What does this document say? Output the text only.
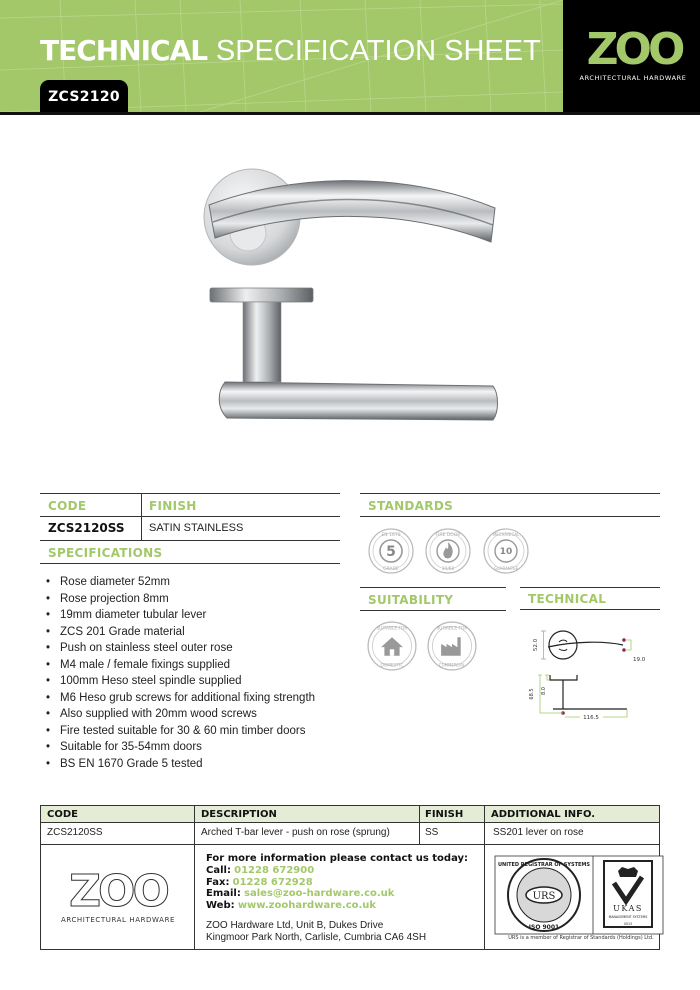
TECHNICAL SPECIFICATION SHEET
ZCS2120
ZOO
ARCHITECTURAL HARDWARE
CODE	FINISH
ZCS2120SS SATIN STAINLESS
SPECIFICATIONS
• Rose diameter 52mm
• Rose projection 8mm
• 19mm diameter tubular lever
• ZCS 201 Grade material
• Push on stainless steel outer rose
• M4 male / female fixings supplied
• 100mm Heso steel spindle supplied
• M6 Heso grub screws for additional fixing strength
• Also supplied with 20mm wood screws
• Fire tested suitable for 30 & 60 min timber doors
• Suitable for 35-54mm doors
• BS EN 1670 Grade 5 tested
STANDARDS
5
GRADE
EN 1670
30/60
FIRE DOOR
10
GUARANTEE
MECHANICAL
SUITABILITY
DOMESTIC
SUITABLE FOR
COMMERCIAL
SUITABLE FOR
TECHNICAL
19.0
52.0
68.5 8.0
116.5
CODE	DESCRIPTION	FINISH	ADDITIONAL INFO.
ZCS2120SS	Arched T-bar lever - push on rose (sprung)	SS	SS201 lever on rose
ZOO
ARCHITECTURAL HARDWARE
For more information please contact us today:
Call: 01228 672900
Fax: 01228 672928
Email: sales@zoo-hardware.co.uk
Web: www.zoohardware.co.uk
ZOO Hardware Ltd, Unit B, Dukes Drive
Kingmoor Park North, Carlisle, Cumbria CA6 4SH
URS
UNITED REGISTRAR OF SYSTEMS
ISO 9001
UKAS
MANAGEMENT SYSTEMS
0013
URS is a member of Registrar of Standards (Holdings) Ltd.
